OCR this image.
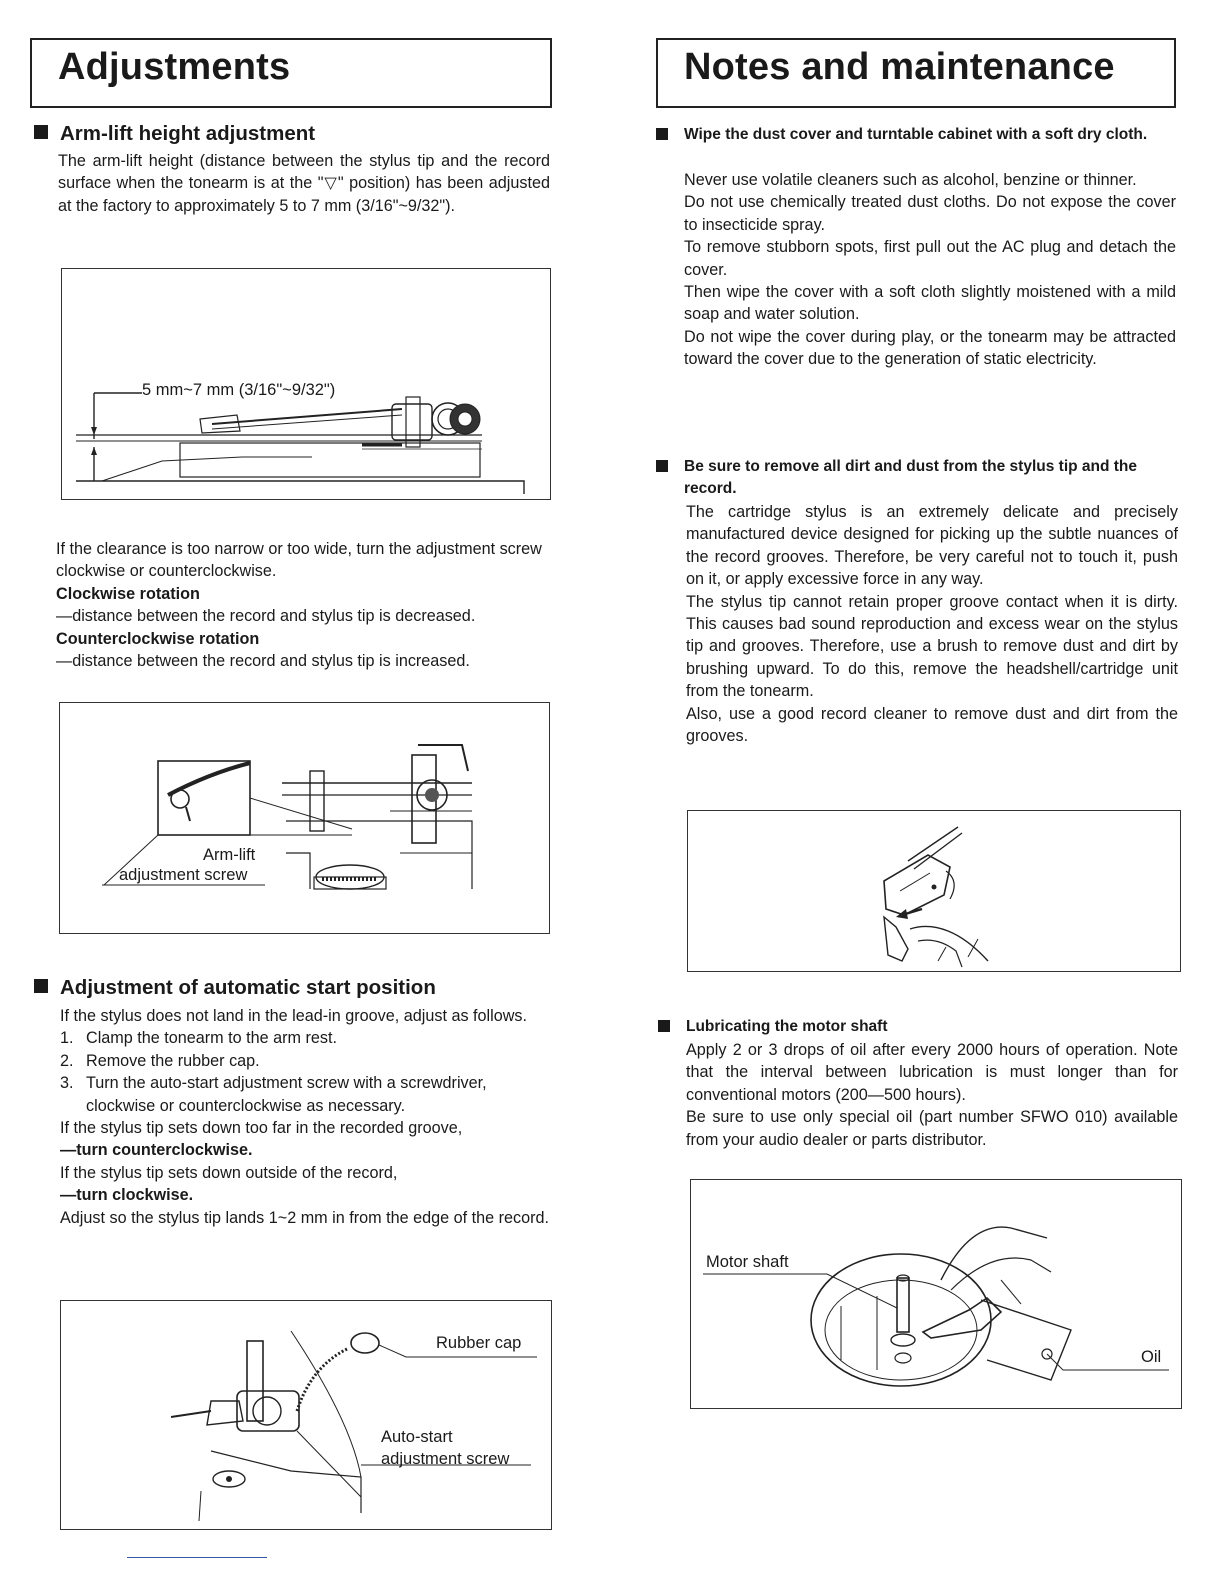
Adjustments
Arm-lift height adjustment

The arm-lift height (distance between the stylus tip and the record surface when the tonearm is at the "▽" position) has been adjusted at the factory to approximately 5 to 7 mm (3/16"~9/32").

5 mm~7 mm (3/16"~9/32")

If the clearance is too narrow or too wide, turn the adjustment screw clockwise or counterclockwise.

Clockwise rotation

—distance between the record and stylus tip is decreased.

Counterclockwise rotation

—distance between the record and stylus tip is increased.

Arm-lift
adjustment screw
Adjustment of automatic start position

If the stylus does not land in the lead-in groove, adjust as follows.

1. Clamp the tonearm to the arm rest.
2. Remove the rubber cap.
3. Turn the auto-start adjustment screw with a screwdriver, clockwise or counterclockwise as necessary.

If the stylus tip sets down too far in the recorded groove,

—turn counterclockwise.

If the stylus tip sets down outside of the record,

—turn clockwise.

Adjust so the stylus tip lands 1~2 mm in from the edge of the record.

Rubber cap
Auto-start
adjustment screw
Notes and maintenance
Wipe the dust cover and turntable cabinet with a soft dry cloth.

Never use volatile cleaners such as alcohol, benzine or thinner.

Do not use chemically treated dust cloths. Do not expose the cover to insecticide spray.

To remove stubborn spots, first pull out the AC plug and detach the cover.

Then wipe the cover with a soft cloth slightly moistened with a mild soap and water solution.

Do not wipe the cover during play, or the tonearm may be attracted toward the cover due to the generation of static electricity.

Be sure to remove all dirt and dust from the stylus tip and the record.

The cartridge stylus is an extremely delicate and precisely manufactured device designed for picking up the subtle nuances of the record grooves. Therefore, be very careful not to touch it, push on it, or apply excessive force in any way.

The stylus tip cannot retain proper groove contact when it is dirty. This causes bad sound reproduction and excess wear on the stylus tip and grooves. Therefore, use a brush to remove dust and dirt by brushing upward. To do this, remove the headshell/cartridge unit from the tonearm.

Also, use a good record cleaner to remove dust and dirt from the grooves.

Lubricating the motor shaft

Apply 2 or 3 drops of oil after every 2000 hours of operation. Note that the interval between lubrication is must longer than for conventional motors (200—500 hours).

Be sure to use only special oil (part number SFWO 010) available from your audio dealer or parts distributor.

Motor shaft
Oil
